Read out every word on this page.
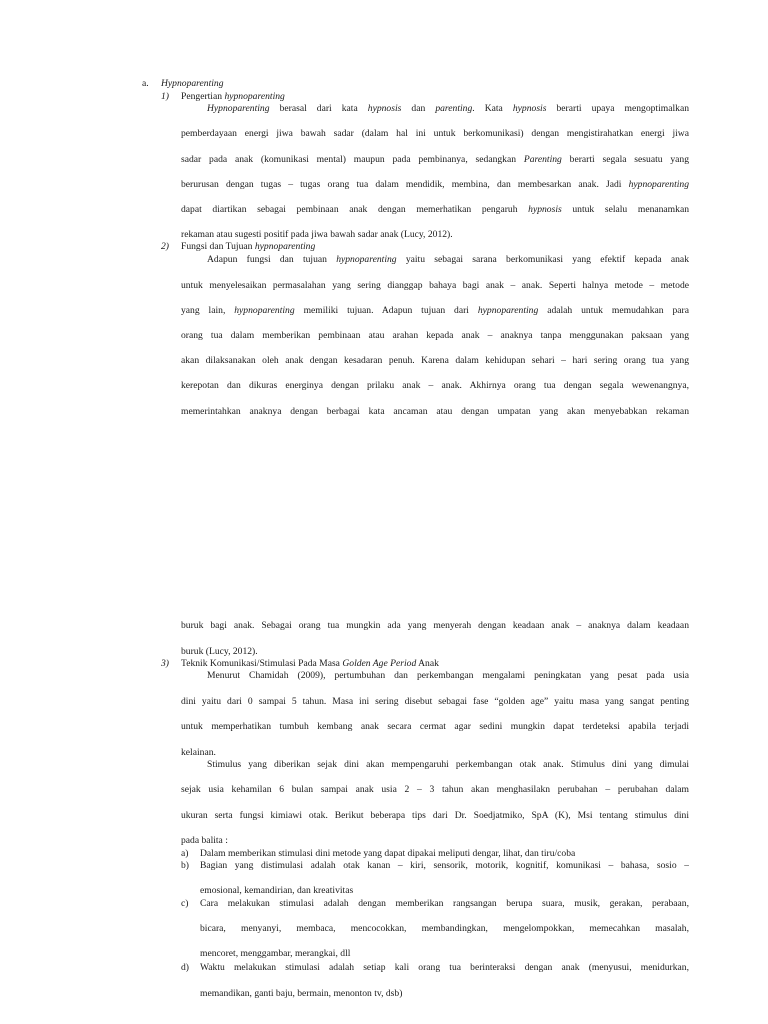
a. Hypnoparenting
1) Pengertian hypnoparenting
Hypnoparenting berasal dari kata hypnosis dan parenting. Kata hypnosis berarti upaya mengoptimalkan
pemberdayaan energi jiwa bawah sadar (dalam hal ini untuk berkomunikasi) dengan mengistirahatkan energi jiwa
sadar pada anak (komunikasi mental) maupun pada pembinanya, sedangkan Parenting berarti segala sesuatu yang
berurusan dengan tugas – tugas orang tua dalam mendidik, membina, dan membesarkan anak. Jadi hypnoparenting
dapat diartikan sebagai pembinaan anak dengan memerhatikan pengaruh hypnosis untuk selalu menanamkan
rekaman atau sugesti positif pada jiwa bawah sadar anak (Lucy, 2012).
2) Fungsi dan Tujuan hypnoparenting
Adapun fungsi dan tujuan hypnoparenting yaitu sebagai sarana berkomunikasi yang efektif kepada anak
untuk menyelesaikan permasalahan yang sering dianggap bahaya bagi anak – anak. Seperti halnya metode – metode
yang lain, hypnoparenting memiliki tujuan. Adapun tujuan dari hypnoparenting adalah untuk memudahkan para
orang tua dalam memberikan pembinaan atau arahan kepada anak – anaknya tanpa menggunakan paksaan yang
akan dilaksanakan oleh anak dengan kesadaran penuh. Karena dalam kehidupan sehari – hari sering orang tua yang
kerepotan dan dikuras energinya dengan prilaku anak – anak. Akhirnya orang tua dengan segala wewenangnya,
memerintahkan anaknya dengan berbagai kata ancaman atau dengan umpatan yang akan menyebabkan rekaman
buruk bagi anak. Sebagai orang tua mungkin ada yang menyerah dengan keadaan anak – anaknya dalam keadaan
buruk (Lucy, 2012).
3) Teknik Komunikasi/Stimulasi Pada Masa Golden Age Period Anak
Menurut Chamidah (2009), pertumbuhan dan perkembangan mengalami peningkatan yang pesat pada usia
dini yaitu dari 0 sampai 5 tahun. Masa ini sering disebut sebagai fase “golden age” yaitu masa yang sangat penting
untuk memperhatikan tumbuh kembang anak secara cermat agar sedini mungkin dapat terdeteksi apabila terjadi
kelainan.
Stimulus yang diberikan sejak dini akan mempengaruhi perkembangan otak anak. Stimulus dini yang dimulai
sejak usia kehamilan 6 bulan sampai anak usia 2 – 3 tahun akan menghasilakn perubahan – perubahan dalam
ukuran serta fungsi kimiawi otak. Berikut beberapa tips dari Dr. Soedjatmiko, SpA (K), Msi tentang stimulus dini
pada balita :
a) Dalam memberikan stimulasi dini metode yang dapat dipakai meliputi dengar, lihat, dan tiru/coba
b) Bagian yang distimulasi adalah otak kanan – kiri, sensorik, motorik, kognitif, komunikasi – bahasa, sosio –
emosional, kemandirian, dan kreativitas
c) Cara melakukan stimulasi adalah dengan memberikan rangsangan berupa suara, musik, gerakan, perabaan,
bicara, menyanyi, membaca, mencocokkan, membandingkan, mengelompokkan, memecahkan masalah,
mencoret, menggambar, merangkai, dll
d) Waktu melakukan stimulasi adalah setiap kali orang tua berinteraksi dengan anak (menyusui, menidurkan,
memandikan, ganti baju, bermain, menonton tv, dsb)
